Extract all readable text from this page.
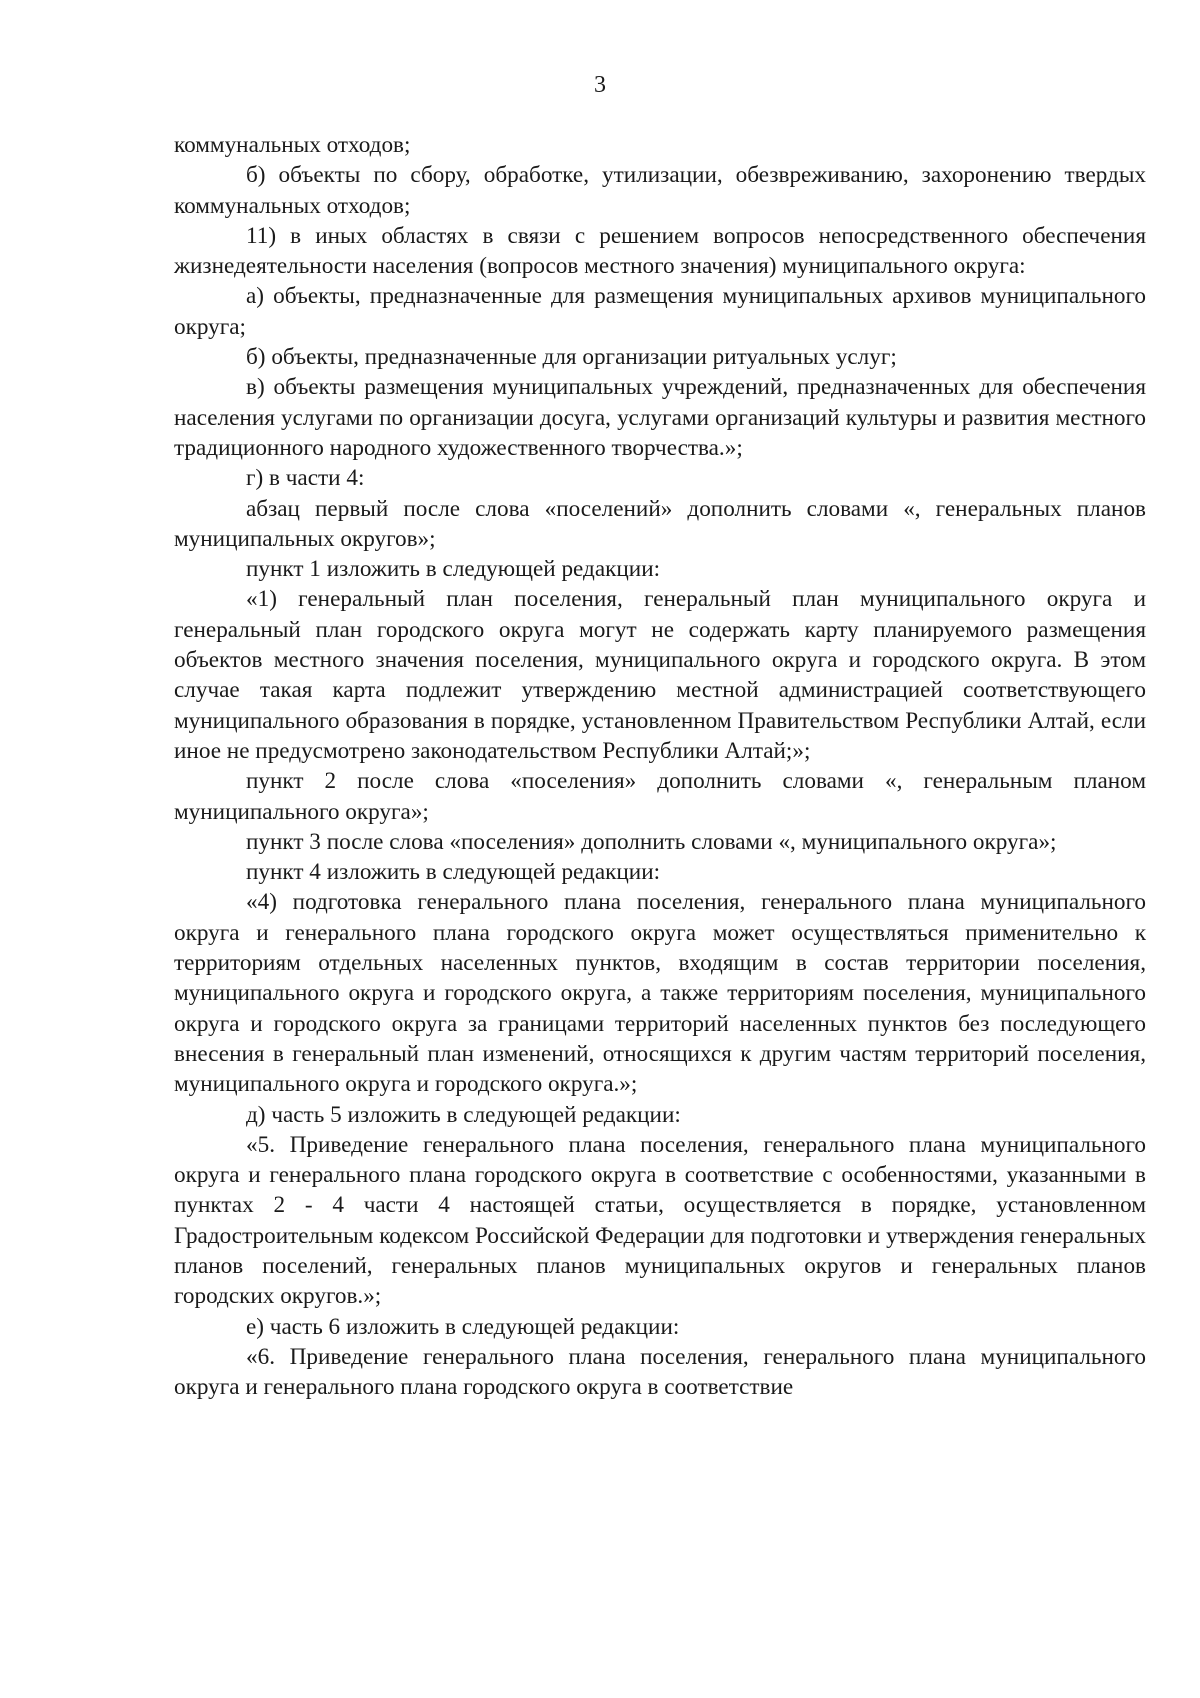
3

коммунальных отходов;

б) объекты по сбору, обработке, утилизации, обезвреживанию, захоронению твердых коммунальных отходов;

11) в иных областях в связи с решением вопросов непосредственного обеспечения жизнедеятельности населения (вопросов местного значения) муниципального округа:

а) объекты, предназначенные для размещения муниципальных архивов муниципального округа;

б) объекты, предназначенные для организации ритуальных услуг;

в) объекты размещения муниципальных учреждений, предназначенных для обеспечения населения услугами по организации досуга, услугами организаций культуры и развития местного традиционного народного художественного творчества.»;

г) в части 4:

абзац первый после слова «поселений» дополнить словами «, генеральных планов муниципальных округов»;

пункт 1 изложить в следующей редакции:

«1) генеральный план поселения, генеральный план муниципального округа и генеральный план городского округа могут не содержать карту планируемого размещения объектов местного значения поселения, муниципального округа и городского округа. В этом случае такая карта подлежит утверждению местной администрацией соответствующего муниципального образования в порядке, установленном Правительством Республики Алтай, если иное не предусмотрено законодательством Республики Алтай;»;

пункт 2 после слова «поселения» дополнить словами «, генеральным планом муниципального округа»;

пункт 3 после слова «поселения» дополнить словами «, муниципального округа»;

пункт 4 изложить в следующей редакции:

«4) подготовка генерального плана поселения, генерального плана муниципального округа и генерального плана городского округа может осуществляться применительно к территориям отдельных населенных пунктов, входящим в состав территории поселения, муниципального округа и городского округа, а также территориям поселения, муниципального округа и городского округа за границами территорий населенных пунктов без последующего внесения в генеральный план изменений, относящихся к другим частям территорий поселения, муниципального округа и городского округа.»;

д) часть 5 изложить в следующей редакции:

«5. Приведение генерального плана поселения, генерального плана муниципального округа и генерального плана городского округа в соответствие с особенностями, указанными в пунктах 2 - 4 части 4 настоящей статьи, осуществляется в порядке, установленном Градостроительным кодексом Российской Федерации для подготовки и утверждения генеральных планов поселений, генеральных планов муниципальных округов и генеральных планов городских округов.»;

е) часть 6 изложить в следующей редакции:

«6. Приведение генерального плана поселения, генерального плана муниципального округа и генерального плана городского округа в соответствие
